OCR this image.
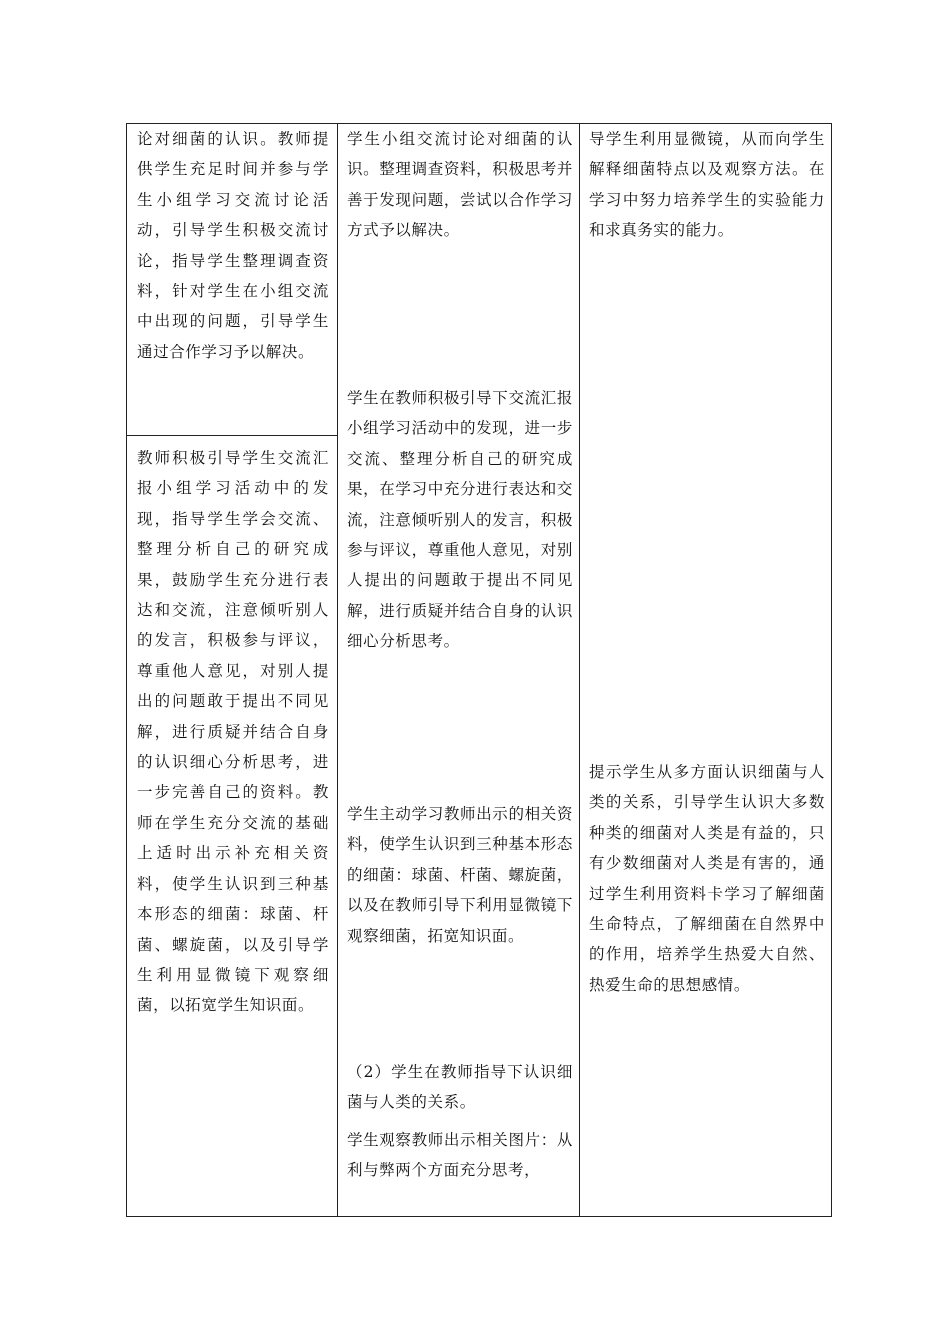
论对细菌的认识。教师提供学生充足时间并参与学生小组学习交流讨论活动，引导学生积极交流讨论，指导学生整理调查资料，针对学生在小组交流中出现的问题，引导学生通过合作学习予以解决。
教师积极引导学生交流汇报小组学习活动中的发现，指导学生学会交流、整理分析自己的研究成果，鼓励学生充分进行表达和交流，注意倾听别人的发言，积极参与评议，尊重他人意见，对别人提出的问题敢于提出不同见解，进行质疑并结合自身的认识细心分析思考，进一步完善自己的资料。教师在学生充分交流的基础上适时出示补充相关资料，使学生认识到三种基本形态的细菌：球菌、杆菌、螺旋菌，以及引导学生利用显微镜下观察细菌，以拓宽学生知识面。
学生小组交流讨论对细菌的认识。整理调查资料，积极思考并善于发现问题，尝试以合作学习方式予以解决。
学生在教师积极引导下交流汇报小组学习活动中的发现，进一步交流、整理分析自己的研究成果，在学习中充分进行表达和交流，注意倾听别人的发言，积极参与评议，尊重他人意见，对别人提出的问题敢于提出不同见解，进行质疑并结合自身的认识细心分析思考。
学生主动学习教师出示的相关资料，使学生认识到三种基本形态的细菌：球菌、杆菌、螺旋菌，以及在教师引导下利用显微镜下观察细菌，拓宽知识面。
（2）学生在教师指导下认识细菌与人类的关系。
学生观察教师出示相关图片：从利与弊两个方面充分思考，
导学生利用显微镜，从而向学生解释细菌特点以及观察方法。在学习中努力培养学生的实验能力和求真务实的能力。
提示学生从多方面认识细菌与人类的关系，引导学生认识大多数种类的细菌对人类是有益的，只有少数细菌对人类是有害的，通过学生利用资料卡学习了解细菌生命特点，了解细菌在自然界中的作用，培养学生热爱大自然、热爱生命的思想感情。
